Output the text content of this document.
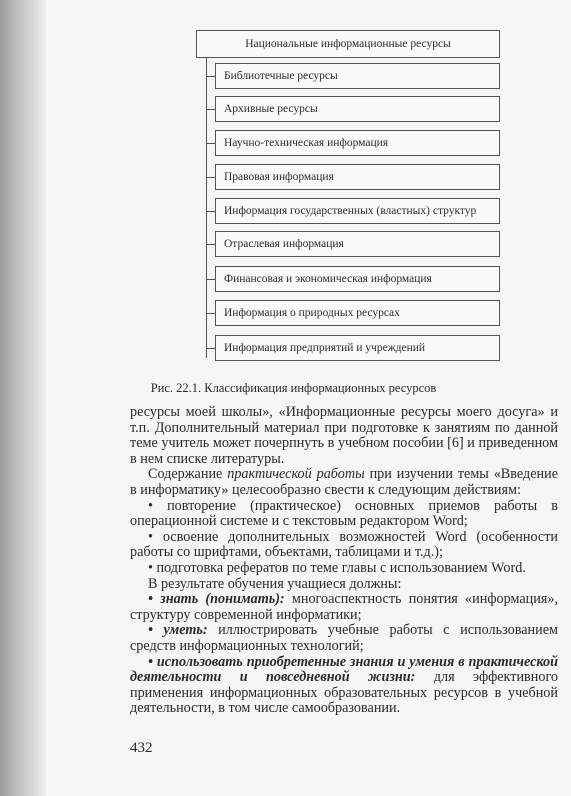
Национальные информационные ресурсы
Библиотечные ресурсы
Архивные ресурсы
Научно-техническая информация
Правовая информация
Информация государственных (властных) структур
Отраслевая информация
Финансовая и экономическая информация
Информация о природных ресурсах
Информация предприятий и учреждений
Рис. 22.1. Классификация информационных ресурсов

ресурсы моей школы», «Информационные ресурсы моего досуга» и т.п. Дополнительный материал при подготовке к занятиям по данной теме учитель может почерпнуть в учебном пособии [6] и приведенном в нем списке литературы.

Содержание практической работы при изучении темы «Введение в информатику» целесообразно свести к следующим действиям:

• повторение (практическое) основных приемов работы в операционной системе и с текстовым редактором Word;

• освоение дополнительных возможностей Word (особенности работы со шрифтами, объектами, таблицами и т.д.);

• подготовка рефератов по теме главы с использованием Word.

В результате обучения учащиеся должны:

• знать (понимать): многоаспектность понятия «информация», структуру современной информатики;

• уметь: иллюстрировать учебные работы с использованием средств информационных технологий;

• использовать приобретенные знания и умения в практической деятельности и повседневной жизни: для эффективного применения информационных образовательных ресурсов в учебной деятельности, в том числе самообразовании.

432
